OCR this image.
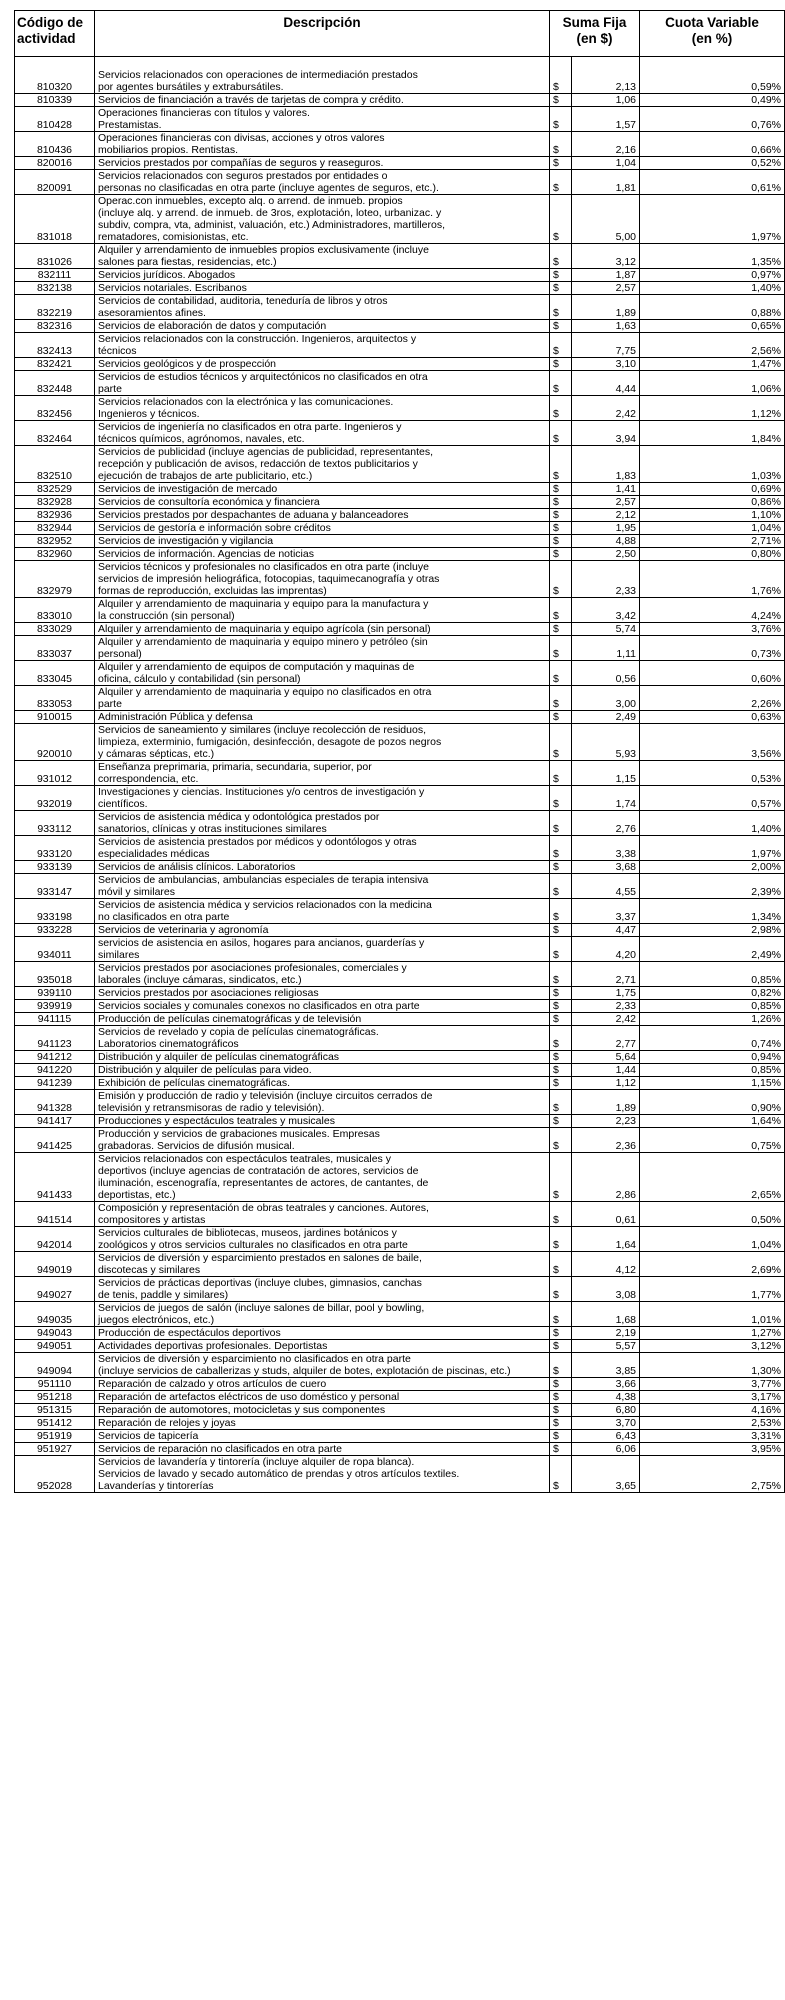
Código de
actividad	Descripción	Suma Fija
(en $)		Cuota Variable
(en %)
810320	Servicios relacionados con operaciones de intermediación prestados
por agentes bursátiles y extrabursátiles.	$	2,13	0,59%
810339	Servicios de financiación a través de tarjetas de compra y crédito.	$	1,06	0,49%
810428	Operaciones financieras con títulos y valores.
Prestamistas.	$	1,57	0,76%
810436	Operaciones financieras con divisas, acciones y otros valores
mobiliarios propios. Rentistas.	$	2,16	0,66%
820016	Servicios prestados por compañías de seguros y reaseguros.	$	1,04	0,52%
820091	Servicios relacionados con seguros prestados por entidades o
personas no clasificadas en otra parte (incluye agentes de seguros, etc.).	$	1,81	0,61%
831018	Operac.con inmuebles, excepto alq. o arrend. de inmueb. propios
(incluye alq. y arrend. de inmueb. de 3ros, explotación, loteo, urbanizac. y
subdiv, compra, vta, administ, valuación, etc.) Administradores, martilleros,
rematadores, comisionistas, etc.	$	5,00	1,97%
831026	Alquiler y arrendamiento de inmuebles propios exclusivamente (incluye
salones para fiestas, residencias, etc.)	$	3,12	1,35%
832111	Servicios jurídicos. Abogados	$	1,87	0,97%
832138	Servicios notariales. Escribanos	$	2,57	1,40%
832219	Servicios de contabilidad, auditoria, teneduría de libros y otros
asesoramientos afines.	$	1,89	0,88%
832316	Servicios de elaboración de datos y computación	$	1,63	0,65%
832413	Servicios relacionados con la construcción. Ingenieros, arquitectos y
técnicos	$	7,75	2,56%
832421	Servicios geológicos y de prospección	$	3,10	1,47%
832448	Servicios de estudios técnicos y arquitectónicos no clasificados en otra
parte	$	4,44	1,06%
832456	Servicios relacionados con la electrónica y las comunicaciones.
Ingenieros y técnicos.	$	2,42	1,12%
832464	Servicios de ingeniería no clasificados en otra parte. Ingenieros y
técnicos químicos, agrónomos, navales, etc.	$	3,94	1,84%
832510	Servicios de publicidad (incluye agencias de publicidad, representantes,
recepción y publicación de avisos, redacción de textos publicitarios y
ejecución de trabajos de arte publicitario, etc.)	$	1,83	1,03%
832529	Servicios de investigación de mercado	$	1,41	0,69%
832928	Servicios de consultoría económica y financiera	$	2,57	0,86%
832936	Servicios prestados por despachantes de aduana y balanceadores	$	2,12	1,10%
832944	Servicios de gestoría e información sobre créditos	$	1,95	1,04%
832952	Servicios de investigación y vigilancia	$	4,88	2,71%
832960	Servicios de información. Agencias de noticias	$	2,50	0,80%
832979	Servicios técnicos y profesionales no clasificados en otra parte (incluye
servicios de impresión heliográfica, fotocopias, taquimecanografía y otras
formas de reproducción, excluidas las imprentas)	$	2,33	1,76%
833010	Alquiler y arrendamiento de maquinaria y equipo para la manufactura y
la construcción (sin personal)	$	3,42	4,24%
833029	Alquiler y arrendamiento de maquinaria y equipo agrícola (sin personal)	$	5,74	3,76%
833037	Alquiler y arrendamiento de maquinaria y equipo minero y petróleo (sin
personal)	$	1,11	0,73%
833045	Alquiler y arrendamiento de equipos de computación y maquinas de
oficina, cálculo y contabilidad (sin personal)	$	0,56	0,60%
833053	Alquiler y arrendamiento de maquinaria y equipo no clasificados en otra
parte	$	3,00	2,26%
910015	Administración Pública y defensa	$	2,49	0,63%
920010	Servicios de saneamiento y similares (incluye recolección de residuos,
limpieza, exterminio, fumigación, desinfección, desagote de pozos negros
y cámaras sépticas, etc.)	$	5,93	3,56%
931012	Enseñanza preprimaria, primaria, secundaria, superior, por
correspondencia, etc.	$	1,15	0,53%
932019	Investigaciones y ciencias. Instituciones y/o centros de investigación y
científicos.	$	1,74	0,57%
933112	Servicios de asistencia médica y odontológica prestados por
sanatorios, clínicas y otras instituciones similares	$	2,76	1,40%
933120	Servicios de asistencia prestados por médicos y odontólogos y otras
especialidades médicas	$	3,38	1,97%
933139	Servicios de análisis clínicos. Laboratorios	$	3,68	2,00%
933147	Servicios de ambulancias, ambulancias especiales de terapia intensiva
móvil y similares	$	4,55	2,39%
933198	Servicios de asistencia médica y servicios relacionados con la medicina
no clasificados en otra parte	$	3,37	1,34%
933228	Servicios de veterinaria y agronomía	$	4,47	2,98%
934011	servicios de asistencia en asilos, hogares para ancianos, guarderías y
similares	$	4,20	2,49%
935018	Servicios prestados por asociaciones profesionales, comerciales y
laborales (incluye cámaras, sindicatos, etc.)	$	2,71	0,85%
939110	Servicios prestados por asociaciones religiosas	$	1,75	0,82%
939919	Servicios sociales y comunales conexos no clasificados en otra parte	$	2,33	0,85%
941115	Producción de películas cinematográficas y de televisión	$	2,42	1,26%
941123	Servicios de revelado y copia de películas cinematográficas.
Laboratorios cinematográficos	$	2,77	0,74%
941212	Distribución y alquiler de películas cinematográficas	$	5,64	0,94%
941220	Distribución y alquiler de películas para video.	$	1,44	0,85%
941239	Exhibición de películas cinematográficas.	$	1,12	1,15%
941328	Emisión y producción de radio y televisión (incluye circuitos cerrados de
televisión y retransmisoras de radio y televisión).	$	1,89	0,90%
941417	Producciones y espectáculos teatrales y musicales	$	2,23	1,64%
941425	Producción y servicios de grabaciones musicales. Empresas
grabadoras. Servicios de difusión musical.	$	2,36	0,75%
941433	Servicios relacionados con espectáculos teatrales, musicales y
deportivos (incluye agencias de contratación de actores, servicios de
iluminación, escenografía, representantes de actores, de cantantes, de
deportistas, etc.)	$	2,86	2,65%
941514	Composición y representación de obras teatrales y canciones. Autores,
compositores y artistas	$	0,61	0,50%
942014	Servicios culturales de bibliotecas, museos, jardines botánicos y
zoológicos y otros servicios culturales no clasificados en otra parte	$	1,64	1,04%
949019	Servicios de diversión y esparcimiento prestados en salones de baile,
discotecas y similares	$	4,12	2,69%
949027	Servicios de prácticas deportivas (incluye clubes, gimnasios, canchas
de tenis, paddle y similares)	$	3,08	1,77%
949035	Servicios de juegos de salón (incluye salones de billar, pool y bowling,
juegos electrónicos, etc.)	$	1,68	1,01%
949043	Producción de espectáculos deportivos	$	2,19	1,27%
949051	Actividades deportivas profesionales. Deportistas	$	5,57	3,12%
949094	Servicios de diversión y esparcimiento no clasificados en otra parte
(incluye servicios de caballerizas y studs, alquiler de botes, explotación de piscinas, etc.)	$	3,85	1,30%
951110	Reparación de calzado y otros artículos de cuero	$	3,66	3,77%
951218	Reparación de artefactos eléctricos de uso doméstico y personal	$	4,38	3,17%
951315	Reparación de automotores, motocicletas y sus componentes	$	6,80	4,16%
951412	Reparación de relojes y joyas	$	3,70	2,53%
951919	Servicios de tapicería	$	6,43	3,31%
951927	Servicios de reparación no clasificados en otra parte	$	6,06	3,95%
952028	Servicios de lavandería y tintorería (incluye alquiler de ropa blanca).
Servicios de lavado y secado automático de prendas y otros artículos textiles.
Lavanderías y tintorerías	$	3,65	2,75%
